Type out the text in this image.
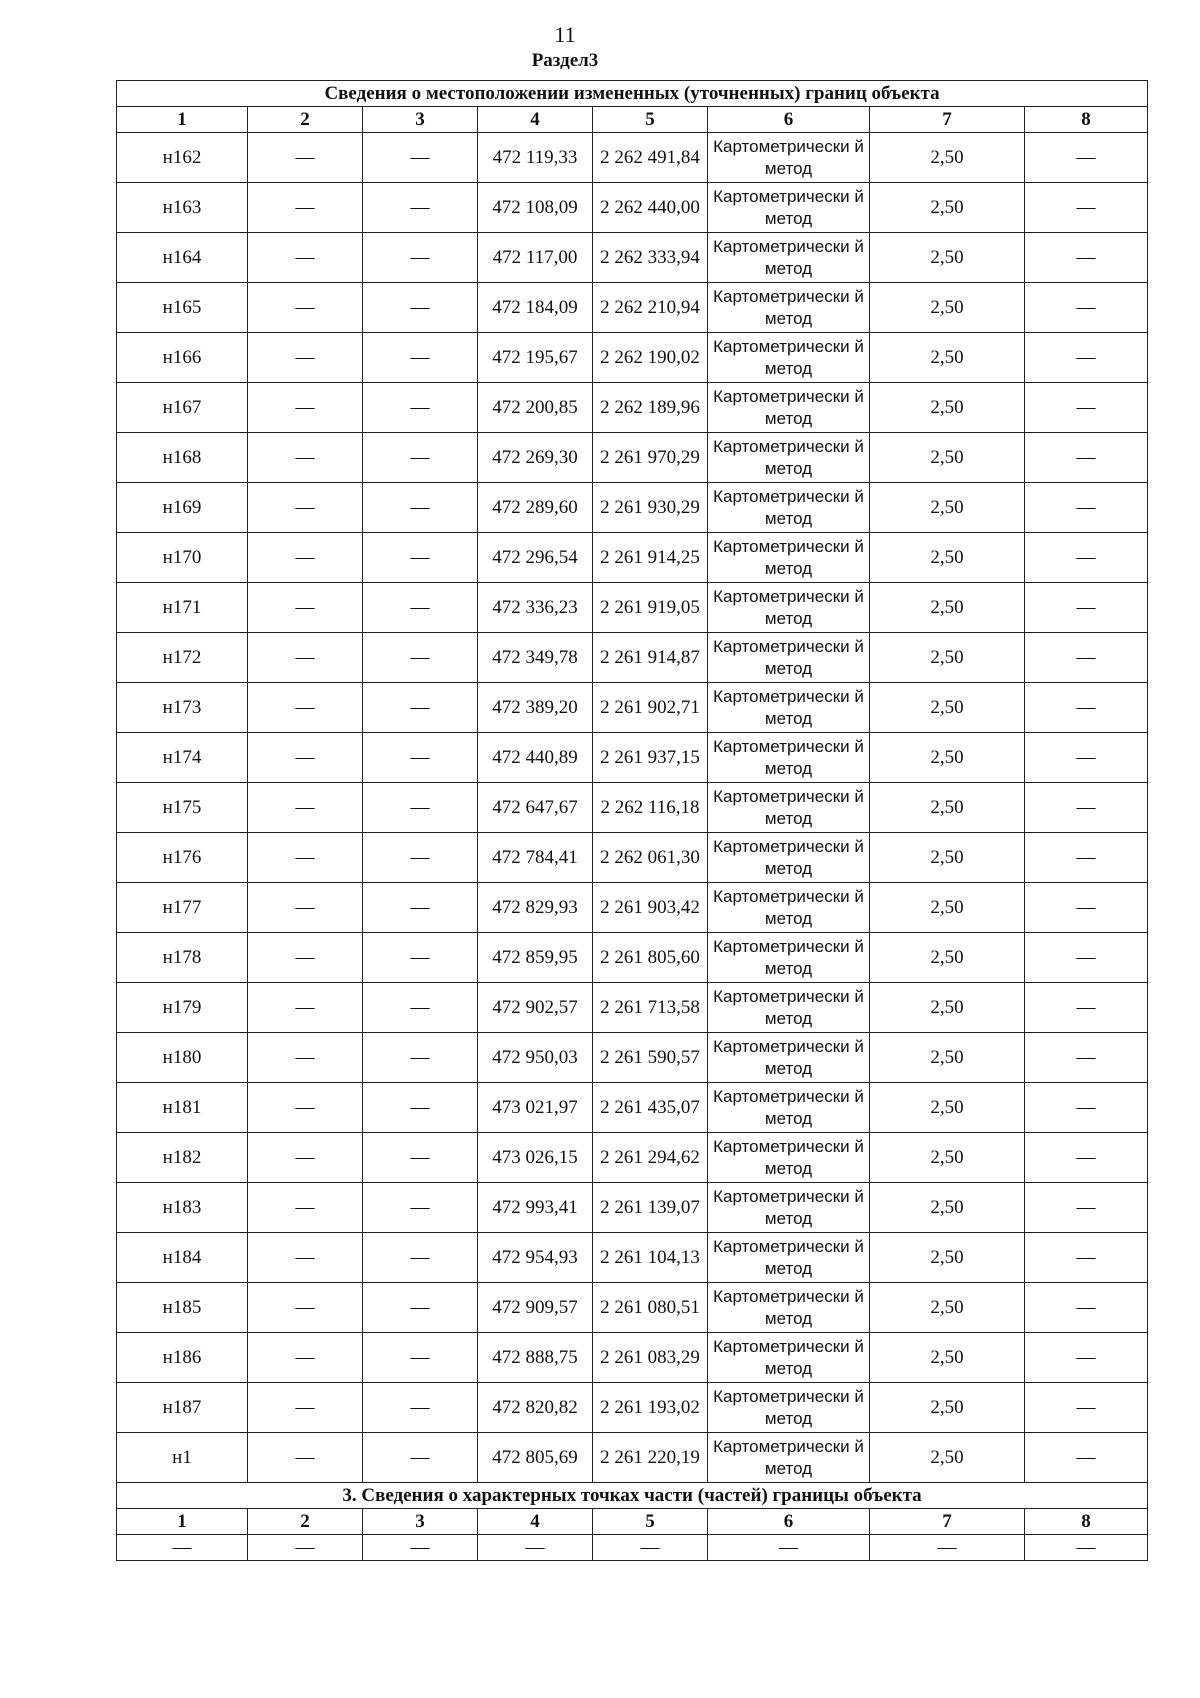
11
Раздел3
Сведения о местоположении измененных (уточненных) границ объекта							
1	2	3	4	5	6	7	8
н162	—	—	472 119,33	2 262 491,84	Картометрически й метод	2,50	—
н163	—	—	472 108,09	2 262 440,00	Картометрически й метод	2,50	—
н164	—	—	472 117,00	2 262 333,94	Картометрически й метод	2,50	—
н165	—	—	472 184,09	2 262 210,94	Картометрически й метод	2,50	—
н166	—	—	472 195,67	2 262 190,02	Картометрически й метод	2,50	—
н167	—	—	472 200,85	2 262 189,96	Картометрически й метод	2,50	—
н168	—	—	472 269,30	2 261 970,29	Картометрически й метод	2,50	—
н169	—	—	472 289,60	2 261 930,29	Картометрически й метод	2,50	—
н170	—	—	472 296,54	2 261 914,25	Картометрически й метод	2,50	—
н171	—	—	472 336,23	2 261 919,05	Картометрически й метод	2,50	—
н172	—	—	472 349,78	2 261 914,87	Картометрически й метод	2,50	—
н173	—	—	472 389,20	2 261 902,71	Картометрически й метод	2,50	—
н174	—	—	472 440,89	2 261 937,15	Картометрически й метод	2,50	—
н175	—	—	472 647,67	2 262 116,18	Картометрически й метод	2,50	—
н176	—	—	472 784,41	2 262 061,30	Картометрически й метод	2,50	—
н177	—	—	472 829,93	2 261 903,42	Картометрически й метод	2,50	—
н178	—	—	472 859,95	2 261 805,60	Картометрически й метод	2,50	—
н179	—	—	472 902,57	2 261 713,58	Картометрически й метод	2,50	—
н180	—	—	472 950,03	2 261 590,57	Картометрически й метод	2,50	—
н181	—	—	473 021,97	2 261 435,07	Картометрически й метод	2,50	—
н182	—	—	473 026,15	2 261 294,62	Картометрически й метод	2,50	—
н183	—	—	472 993,41	2 261 139,07	Картометрически й метод	2,50	—
н184	—	—	472 954,93	2 261 104,13	Картометрически й метод	2,50	—
н185	—	—	472 909,57	2 261 080,51	Картометрически й метод	2,50	—
н186	—	—	472 888,75	2 261 083,29	Картометрически й метод	2,50	—
н187	—	—	472 820,82	2 261 193,02	Картометрически й метод	2,50	—
н1	—	—	472 805,69	2 261 220,19	Картометрически й метод	2,50	—
3. Сведения о характерных точках части (частей) границы объекта							
1	2	3	4	5	6	7	8
—	—	—	—	—	—	—	—
